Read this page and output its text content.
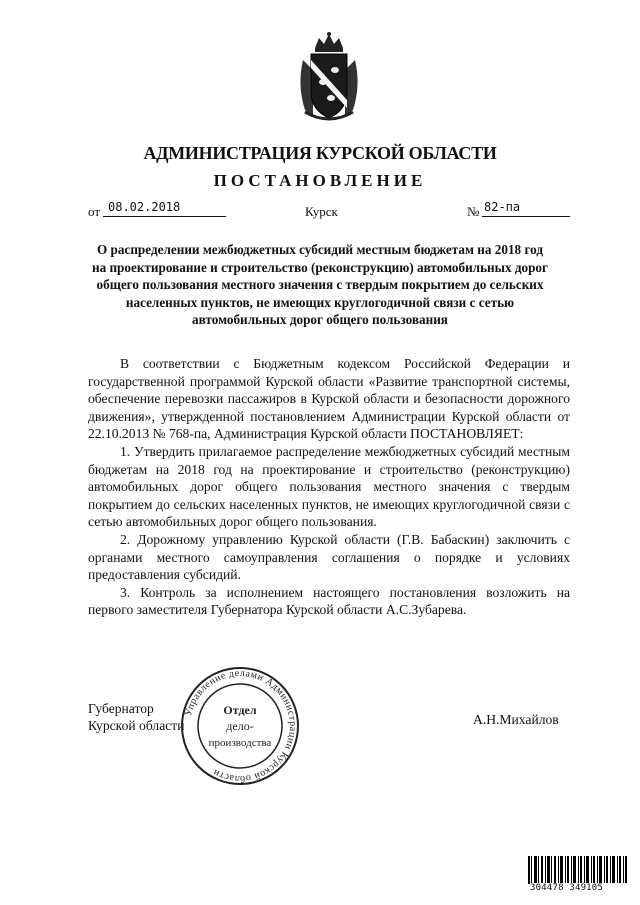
АДМИНИСТРАЦИЯ КУРСКОЙ ОБЛАСТИ
ПОСТАНОВЛЕНИЕ
от 08.02.2018	Курск	№ 82-па
О распределении межбюджетных субсидий местным бюджетам на 2018 год на проектирование и строительство (реконструкцию) автомобильных дорог общего пользования местного значения с твердым покрытием до сельских населенных пунктов, не имеющих круглогодичной связи с сетью автомобильных дорог общего пользования

В соответствии с Бюджетным кодексом Российской Федерации и государственной программой Курской области «Развитие транспортной системы, обеспечение перевозки пассажиров в Курской области и безопасности дорожного движения», утвержденной постановлением Администрации Курской области от 22.10.2013 № 768-па, Администрация Курской области ПОСТАНОВЛЯЕТ:

1. Утвердить прилагаемое распределение межбюджетных субсидий местным бюджетам на 2018 год на проектирование и строительство (реконструкцию) автомобильных дорог общего пользования местного значения с твердым покрытием до сельских населенных пунктов, не имеющих круглогодичной связи с сетью автомобильных дорог общего пользования.

2. Дорожному управлению Курской области (Г.В. Бабаскин) заключить с органами местного самоуправления соглашения о порядке и условиях предоставления субсидий.

3. Контроль за исполнением настоящего постановления возложить на первого заместителя Губернатора Курской области А.С.Зубарева.

Губернатор
Курской области	А.Н.Михайлов
Управление делами Администрации Курской области
Отдел
дело-
производства
304478 349105
